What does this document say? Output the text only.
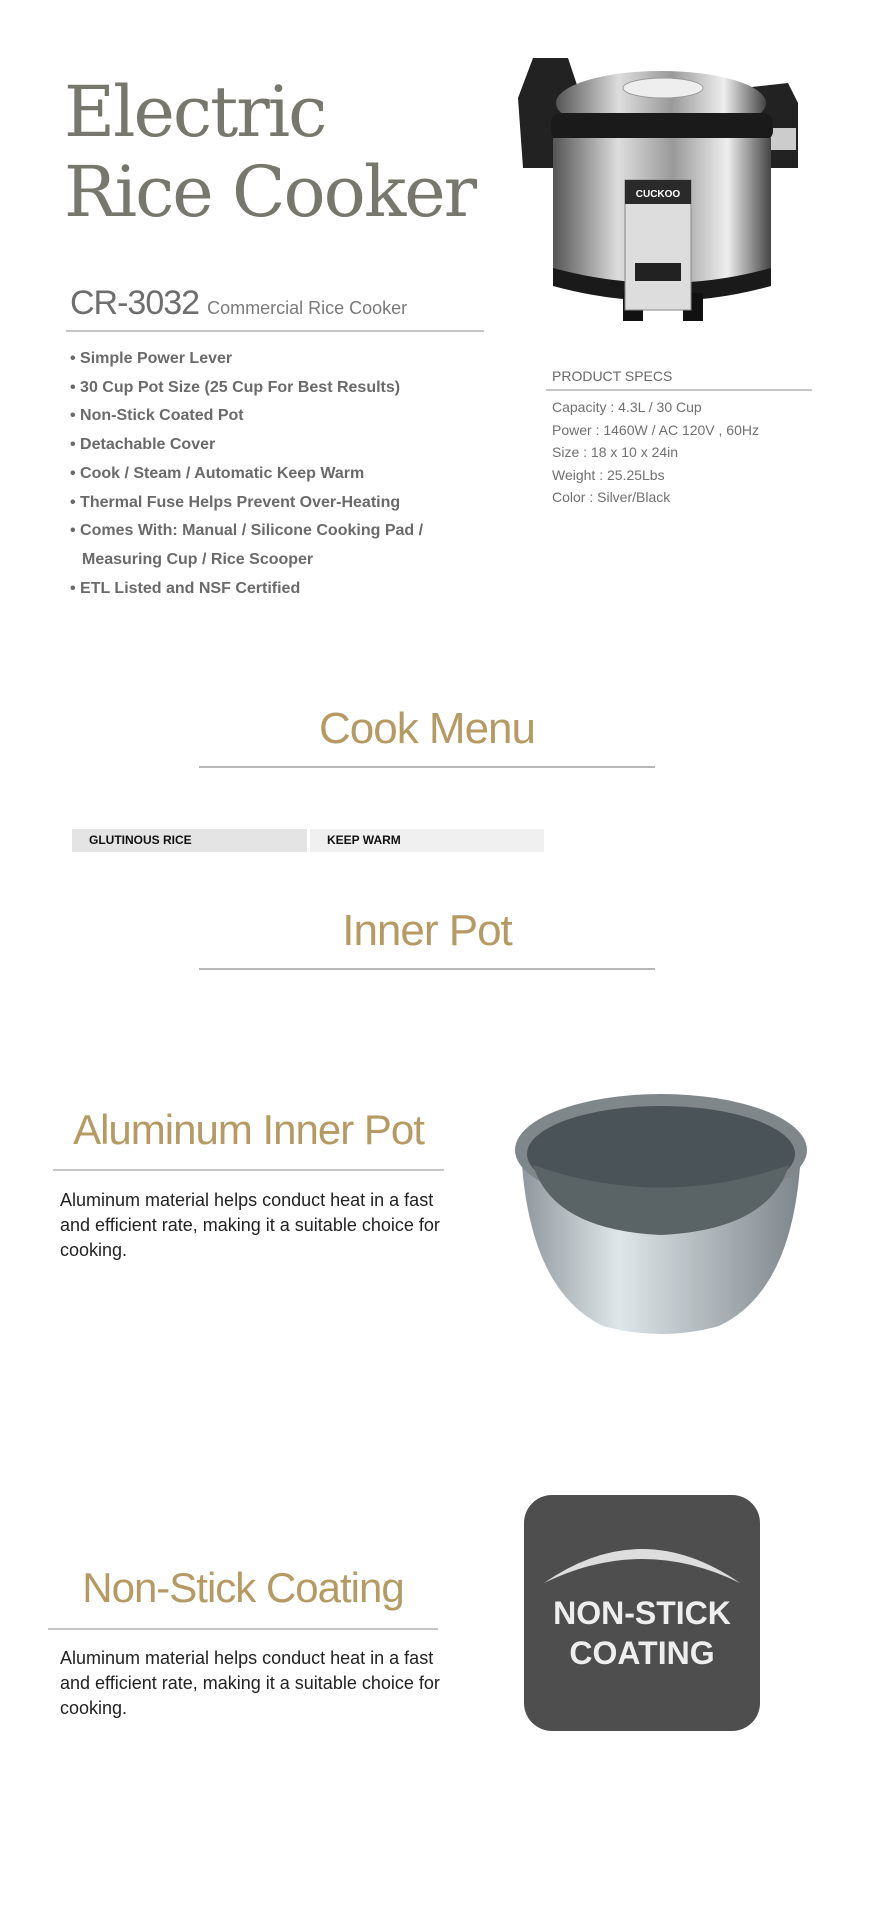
Electric
Rice Cooker
CR-3032 Commercial Rice Cooker
• Simple Power Lever
• 30 Cup Pot Size (25 Cup For Best Results)
• Non-Stick Coated Pot
• Detachable Cover
• Cook / Steam / Automatic Keep Warm
• Thermal Fuse Helps Prevent Over-Heating
• Comes With: Manual / Silicone Cooking Pad / Measuring Cup / Rice Scooper
• ETL Listed and NSF Certified
CUCKOO
PRODUCT SPECS
Capacity : 4.3L / 30 Cup
Power : 1460W / AC 120V , 60Hz
Size : 18 x 10 x 24in
Weight : 25.25Lbs
Color : Silver/Black
Cook Menu
GLUTINOUS RICE	KEEP WARM
Inner Pot
Aluminum Inner Pot

Aluminum material helps conduct heat in a fast and efficient rate, making it a suitable choice for cooking.

Non-Stick Coating

Aluminum material helps conduct heat in a fast and efficient rate, making it a suitable choice for cooking.

NON-STICK
COATING
